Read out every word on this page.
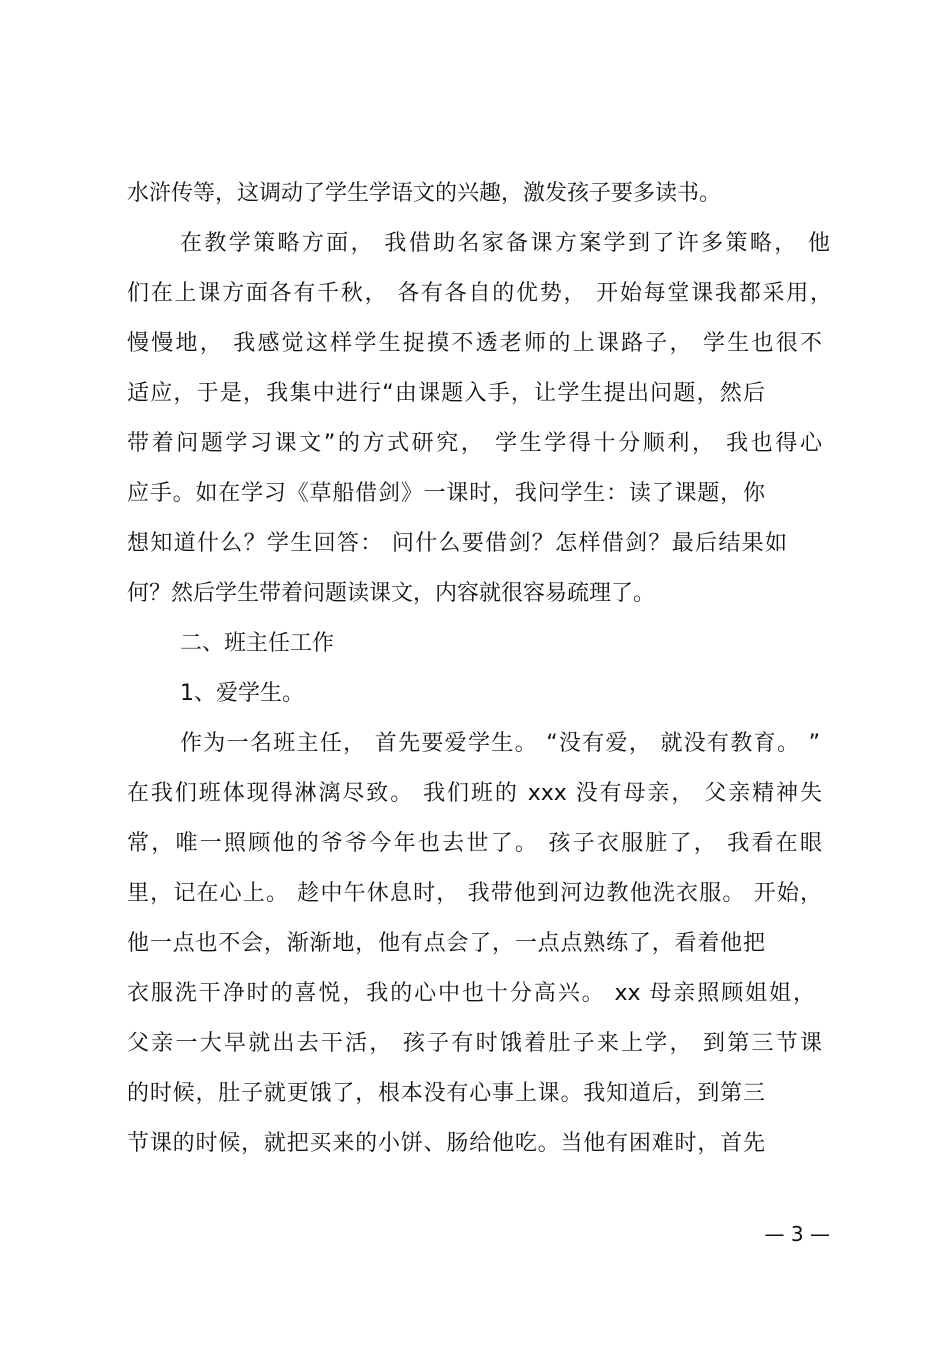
水浒传等，这调动了学生学语文的兴趣，激发孩子要多读书。
在教学策略方面， 我借助名家备课方案学到了许多策略， 他
们在上课方面各有千秋， 各有各自的优势， 开始每堂课我都采用，
慢慢地， 我感觉这样学生捉摸不透老师的上课路子， 学生也很不
适应，于是，我集中进行“由课题入手，让学生提出问题，然后
带着问题学习课文”的方式研究， 学生学得十分顺利， 我也得心
应手。如在学习《草船借剑》一课时，我问学生：读了课题，你
想知道什么？学生回答： 问什么要借剑？怎样借剑？最后结果如
何？然后学生带着问题读课文，内容就很容易疏理了。
二、班主任工作
1、爱学生。
作为一名班主任， 首先要爱学生。 “没有爱， 就没有教育。 ”
在我们班体现得淋漓尽致。 我们班的 xxx 没有母亲， 父亲精神失
常，唯一照顾他的爷爷今年也去世了。 孩子衣服脏了， 我看在眼
里，记在心上。 趁中午休息时， 我带他到河边教他洗衣服。 开始，
他一点也不会，渐渐地，他有点会了，一点点熟练了，看着他把
衣服洗干净时的喜悦，我的心中也十分高兴。 xx 母亲照顾姐姐，
父亲一大早就出去干活， 孩子有时饿着肚子来上学， 到第三节课
的时候，肚子就更饿了，根本没有心事上课。我知道后，到第三
节课的时候，就把买来的小饼、肠给他吃。当他有困难时，首先
— 3 —
